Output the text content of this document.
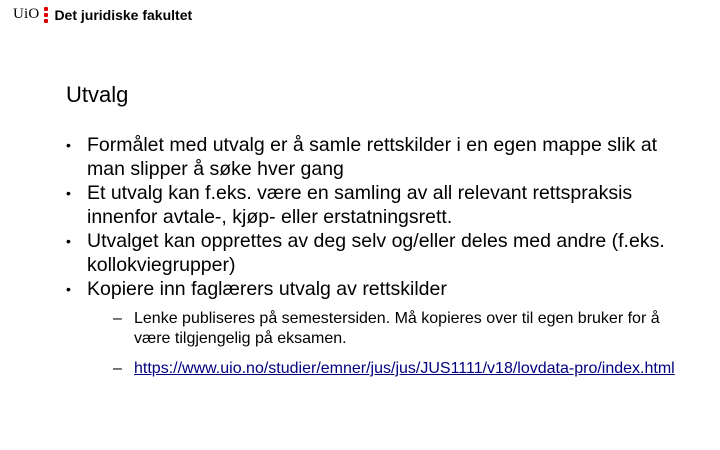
UiO Det juridiske fakultet
Utvalg
• Formålet med utvalg er å samle rettskilder i en egen mappe slik at man slipper å søke hver gang
• Et utvalg kan f.eks. være en samling av all relevant rettspraksis innenfor avtale-, kjøp- eller erstatningsrett.
• Utvalget kan opprettes av deg selv og/eller deles med andre (f.eks. kollokviegrupper)
• Kopiere inn faglærers utvalg av rettskilder
– Lenke publiseres på semestersiden. Må kopieres over til egen bruker for å være tilgjengelig på eksamen.
– https://www.uio.no/studier/emner/jus/jus/JUS1111/v18/lovdata-pro/index.html
